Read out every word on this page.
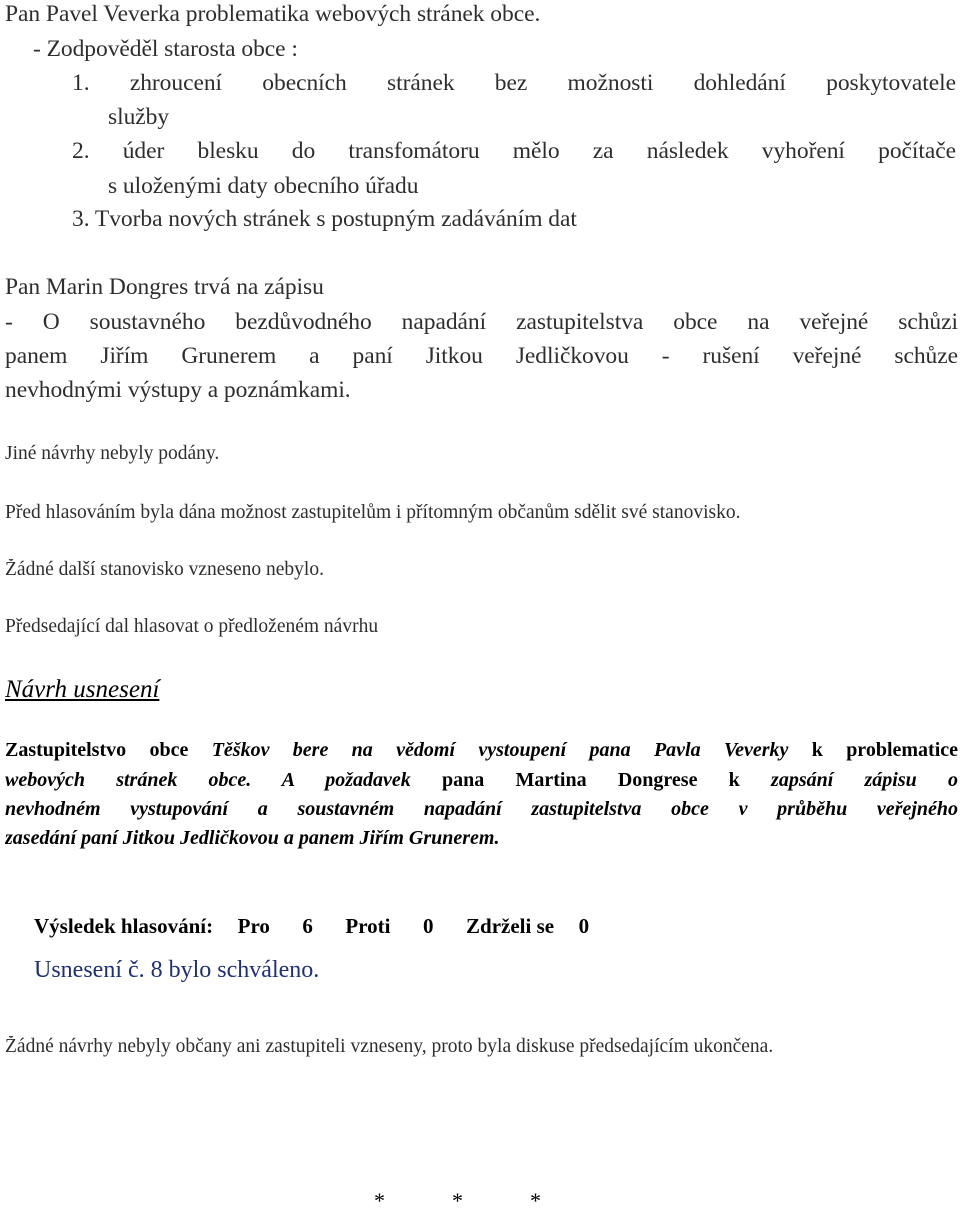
Pan Pavel Veverka problematika webových stránek obce.
- Zodpověděl starosta obce :
1. zhroucení obecních stránek bez možnosti dohledání poskytovatele
služby
2. úder blesku do transfomátoru mělo za následek vyhoření počítače
s uloženými daty obecního úřadu
3. Tvorba nových stránek s postupným zadáváním dat
Pan Marin Dongres trvá na zápisu
- O soustavného bezdůvodného napadání zastupitelstva obce na veřejné schůzi
panem Jiřím Grunerem a paní Jitkou Jedličkovou - rušení veřejné schůze
nevhodnými výstupy a poznámkami.
Jiné návrhy nebyly podány.
Před hlasováním byla dána možnost zastupitelům i přítomným občanům sdělit své stanovisko.
Žádné další stanovisko vzneseno nebylo.
Předsedající dal hlasovat o předloženém návrhu
Návrh usnesení
Zastupitelstvo obce Těškov bere na vědomí vystoupení pana Pavla Veverky k problematice
webových stránek obce. A požadavek pana Martina Dongrese k zapsání zápisu o
nevhodném vystupování a soustavném napadání zastupitelstva obce v průběhu veřejného
zasedání paní Jitkou Jedličkovou a panem Jiřím Grunerem.
Výsledek hlasování: Pro 6 Proti 0 Zdrželi se 0
Usnesení č. 8 bylo schváleno.
Žádné návrhy nebyly občany ani zastupiteli vzneseny, proto byla diskuse předsedajícím ukončena.
*	*	*
